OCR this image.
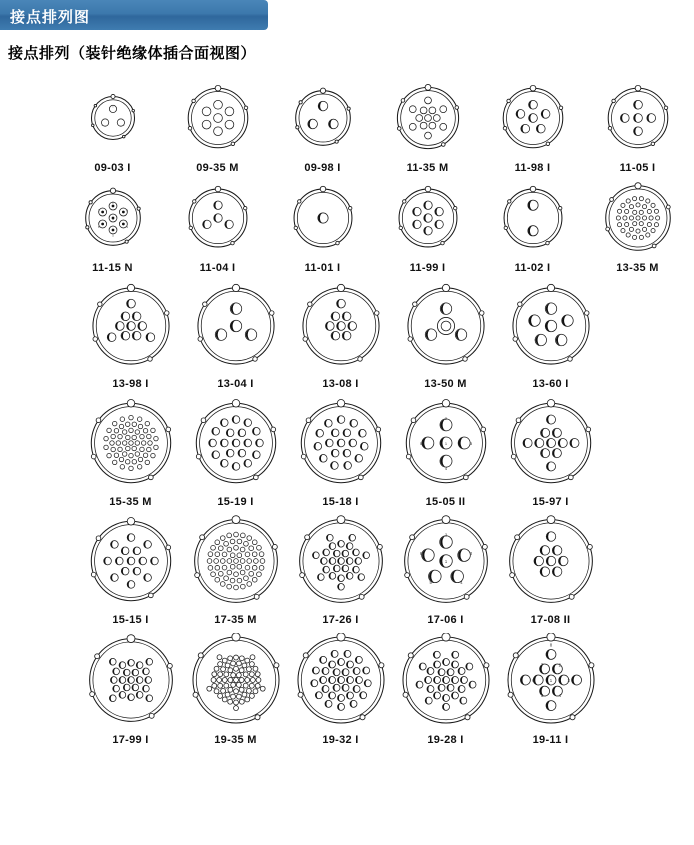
接点排列图
接点排列（装针绝缘体插合面视图）
1
2
3
09-03 I	09-35 M	09-98 I	11-35 M	11-98 I	11-05 I
1
2
3
4
5
6
7
11-15 N	11-04 I	11-01 I	11-99 I	11-02 I	13-35 M
13-98 I	13-04 I	13-08 I	13-50 M	13-60 I
15-35 M	15-19 I	15-18 I
1
2
3
4
5
15-05 II	15-97 I
15-15 I	17-35 M	17-26 I
1
2
3
4
5
6
17-06 I	17-08 II
17-99 I	19-35 M	19-32 I	19-28 I
1
2
3
4
5
6
7
8
19-11 I
